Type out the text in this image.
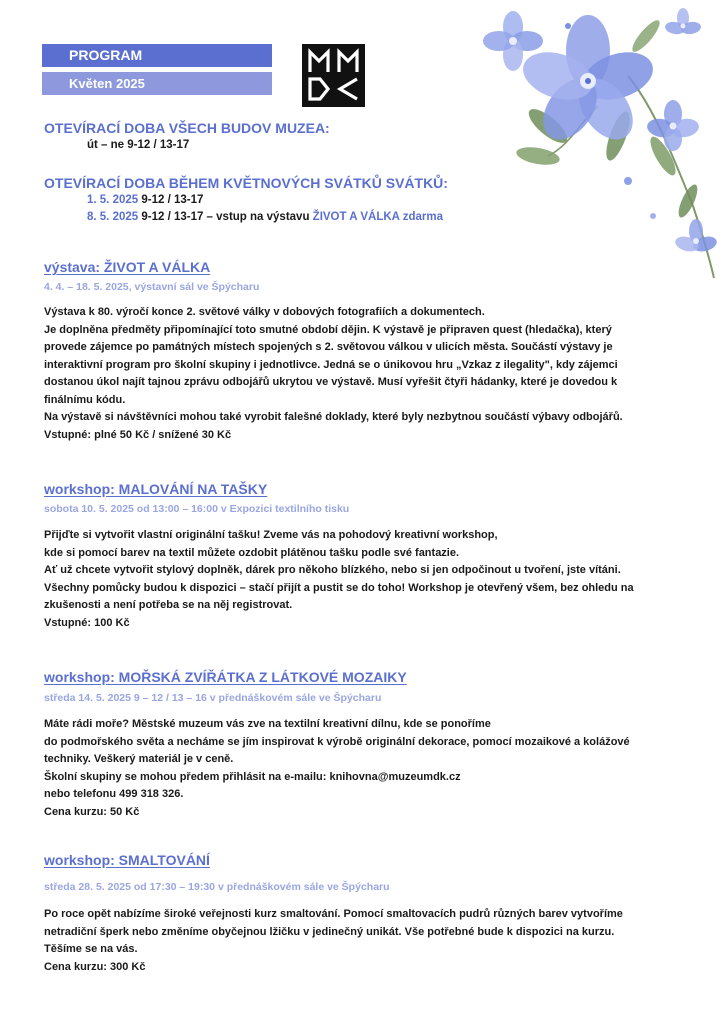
PROGRAM
Květen 2025
OTEVÍRACÍ DOBA VŠECH BUDOV MUZEA:
út – ne 9-12 / 13-17
OTEVÍRACÍ DOBA BĚHEM KVĚTNOVÝCH SVÁTKŮ SVÁTKŮ:
1. 5. 2025 9-12 / 13-17
8. 5. 2025 9-12 / 13-17 – vstup na výstavu ŽIVOT A VÁLKA zdarma
výstava: ŽIVOT A VÁLKA
4. 4. – 18. 5. 2025, výstavní sál ve Špýcharu
Výstava k 80. výročí konce 2. světové války v dobových fotografiích a dokumentech.
Je doplněna předměty připomínající toto smutné období dějin. K výstavě je připraven quest (hledačka), který
provede zájemce po památných místech spojených s 2. světovou válkou v ulicích města. Součástí výstavy je
interaktivní program pro školní skupiny i jednotlivce. Jedná se o únikovou hru „Vzkaz z ilegality", kdy zájemci
dostanou úkol najít tajnou zprávu odbojářů ukrytou ve výstavě. Musí vyřešit čtyři hádanky, které je dovedou k
finálnímu kódu.
Na výstavě si návštěvníci mohou také vyrobit falešné doklady, které byly nezbytnou součástí výbavy odbojářů.
Vstupné: plné 50 Kč / snížené 30 Kč
workshop: MALOVÁNÍ NA TAŠKY
sobota 10. 5. 2025 od 13:00 – 16:00 v Expozici textilního tisku
Přijďte si vytvořit vlastní originální tašku! Zveme vás na pohodový kreativní workshop,
kde si pomocí barev na textil můžete ozdobit plátěnou tašku podle své fantazie.
Ať už chcete vytvořit stylový doplněk, dárek pro někoho blízkého, nebo si jen odpočinout u tvoření, jste vítáni.
Všechny pomůcky budou k dispozici – stačí přijít a pustit se do toho! Workshop je otevřený všem, bez ohledu na
zkušenosti a není potřeba se na něj registrovat.
Vstupné: 100 Kč
workshop: MOŘSKÁ ZVÍŘÁTKA Z LÁTKOVÉ MOZAIKY
středa 14. 5. 2025 9 – 12 / 13 – 16 v přednáškovém sále ve Špýcharu
Máte rádi moře? Městské muzeum vás zve na textilní kreativní dílnu, kde se ponoříme
do podmořského světa a necháme se jím inspirovat k výrobě originální dekorace, pomocí mozaikové a kolážové
techniky. Veškerý materiál je v ceně.
Školní skupiny se mohou předem přihlásit na e-mailu: knihovna@muzeumdk.cz
nebo telefonu 499 318 326.
Cena kurzu: 50 Kč
workshop: SMALTOVÁNÍ
středa 28. 5. 2025 od 17:30 – 19:30 v přednáškovém sále ve Špýcharu
Po roce opět nabízíme široké veřejnosti kurz smaltování. Pomocí smaltovacích pudrů různých barev vytvoříme
netradiční šperk nebo změníme obyčejnou lžičku v jedinečný unikát. Vše potřebné bude k dispozici na kurzu.
Těšíme se na vás.
Cena kurzu: 300 Kč
